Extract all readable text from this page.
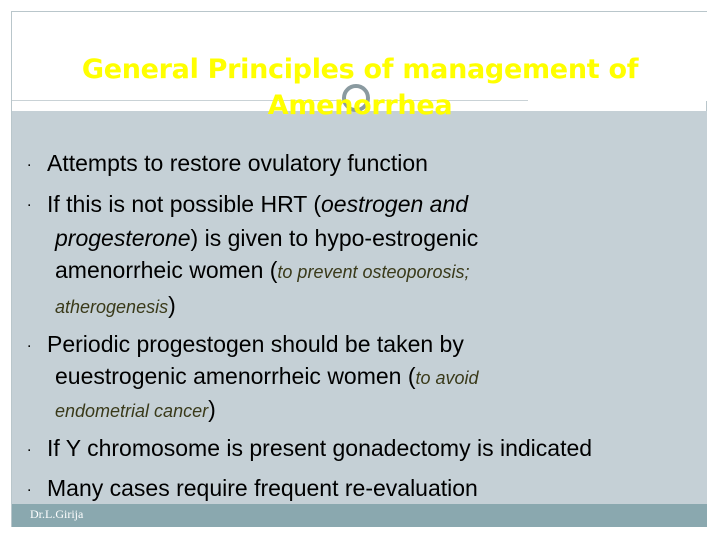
General Principles of management of Amenorrhea
. Attempts to restore ovulatory function
. If this is not possible HRT (oestrogen and
progesterone) is given to hypo-estrogenic
amenorrheic women (to prevent osteoporosis;
atherogenesis)
. Periodic progestogen should be taken by
euestrogenic amenorrheic women (to avoid
endometrial cancer)
. If Y chromosome is present gonadectomy is indicated
. Many cases require frequent re-evaluation
Dr.L.Girija
